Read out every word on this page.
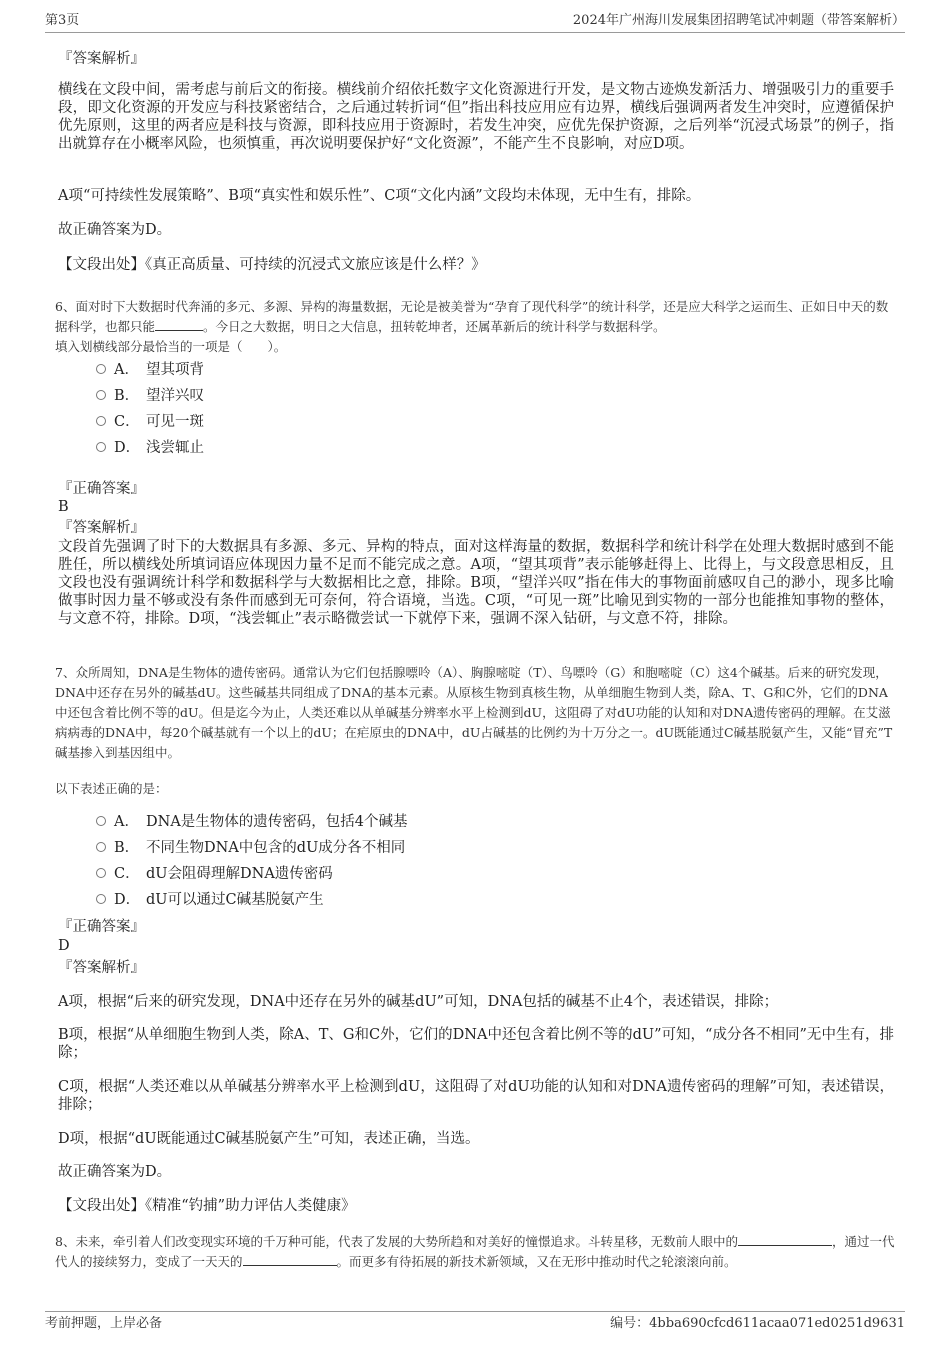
第3页	2024年广州海川发展集团招聘笔试冲刺题（带答案解析）

『答案解析』

横线在文段中间，需考虑与前后文的衔接。横线前介绍依托数字文化资源进行开发，是文物古迹焕发新活力、增强吸引力的重要手段，即文化资源的开发应与科技紧密结合，之后通过转折词“但”指出科技应用应有边界，横线后强调两者发生冲突时，应遵循保护优先原则，这里的两者应是科技与资源，即科技应用于资源时，若发生冲突，应优先保护资源，之后列举“沉浸式场景”的例子，指出就算存在小概率风险，也须慎重，再次说明要保护好“文化资源”，不能产生不良影响，对应D项。

A项“可持续性发展策略”、B项“真实性和娱乐性”、C项“文化内涵”文段均未体现，无中生有，排除。

故正确答案为D。

【文段出处】《真正高质量、可持续的沉浸式文旅应该是什么样？》

6、面对时下大数据时代奔涌的多元、多源、异构的海量数据，无论是被美誉为“孕育了现代科学”的统计科学，还是应大科学之运而生、正如日中天的数据科学，也都只能	。今日之大数据，明日之大信息，扭转乾坤者，还属革新后的统计科学与数据科学。

填入划横线部分最恰当的一项是（　　）。

A． 望其项背
B． 望洋兴叹
C． 可见一斑
D． 浅尝辄止

『正确答案』

B

『答案解析』

文段首先强调了时下的大数据具有多源、多元、异构的特点，面对这样海量的数据，数据科学和统计科学在处理大数据时感到不能胜任，所以横线处所填词语应体现因力量不足而不能完成之意。A项，“望其项背”表示能够赶得上、比得上，与文段意思相反，且文段也没有强调统计科学和数据科学与大数据相比之意，排除。B项，“望洋兴叹”指在伟大的事物面前感叹自己的渺小，现多比喻做事时因力量不够或没有条件而感到无可奈何，符合语境，当选。C项，“可见一斑”比喻见到实物的一部分也能推知事物的整体，与文意不符，排除。D项，“浅尝辄止”表示略微尝试一下就停下来，强调不深入钻研，与文意不符，排除。

7、众所周知，DNA是生物体的遗传密码。通常认为它们包括腺嘌呤（A）、胸腺嘧啶（T）、鸟嘌呤（G）和胞嘧啶（C）这4个碱基。后来的研究发现，DNA中还存在另外的碱基dU。这些碱基共同组成了DNA的基本元素。从原核生物到真核生物，从单细胞生物到人类，除A、T、G和C外，它们的DNA中还包含着比例不等的dU。但是迄今为止，人类还难以从单碱基分辨率水平上检测到dU，这阻碍了对dU功能的认知和对DNA遗传密码的理解。在艾滋病病毒的DNA中，每20个碱基就有一个以上的dU；在疟原虫的DNA中，dU占碱基的比例约为十万分之一。dU既能通过C碱基脱氨产生，又能“冒充”T碱基掺入到基因组中。

以下表述正确的是：

A． DNA是生物体的遗传密码，包括4个碱基
B． 不同生物DNA中包含的dU成分各不相同
C． dU会阻碍理解DNA遗传密码
D． dU可以通过C碱基脱氨产生

『正确答案』

D

『答案解析』

A项，根据“后来的研究发现，DNA中还存在另外的碱基dU”可知，DNA包括的碱基不止4个，表述错误，排除；

B项，根据“从单细胞生物到人类，除A、T、G和C外，它们的DNA中还包含着比例不等的dU”可知，“成分各不相同”无中生有，排除；

C项，根据“人类还难以从单碱基分辨率水平上检测到dU，这阻碍了对dU功能的认知和对DNA遗传密码的理解”可知，表述错误，排除；

D项，根据“dU既能通过C碱基脱氨产生”可知，表述正确，当选。

故正确答案为D。

【文段出处】《精准“钓捕”助力评估人类健康》

8、未来，牵引着人们改变现实环境的千万种可能，代表了发展的大势所趋和对美好的憧憬追求。斗转星移，无数前人眼中的	，通过一代代人的接续努力，变成了一天天的	。而更多有待拓展的新技术新领域，又在无形中推动时代之轮滚滚向前。

考前押题，上岸必备	编号：4bba690cfcd611acaa071ed0251d9631
